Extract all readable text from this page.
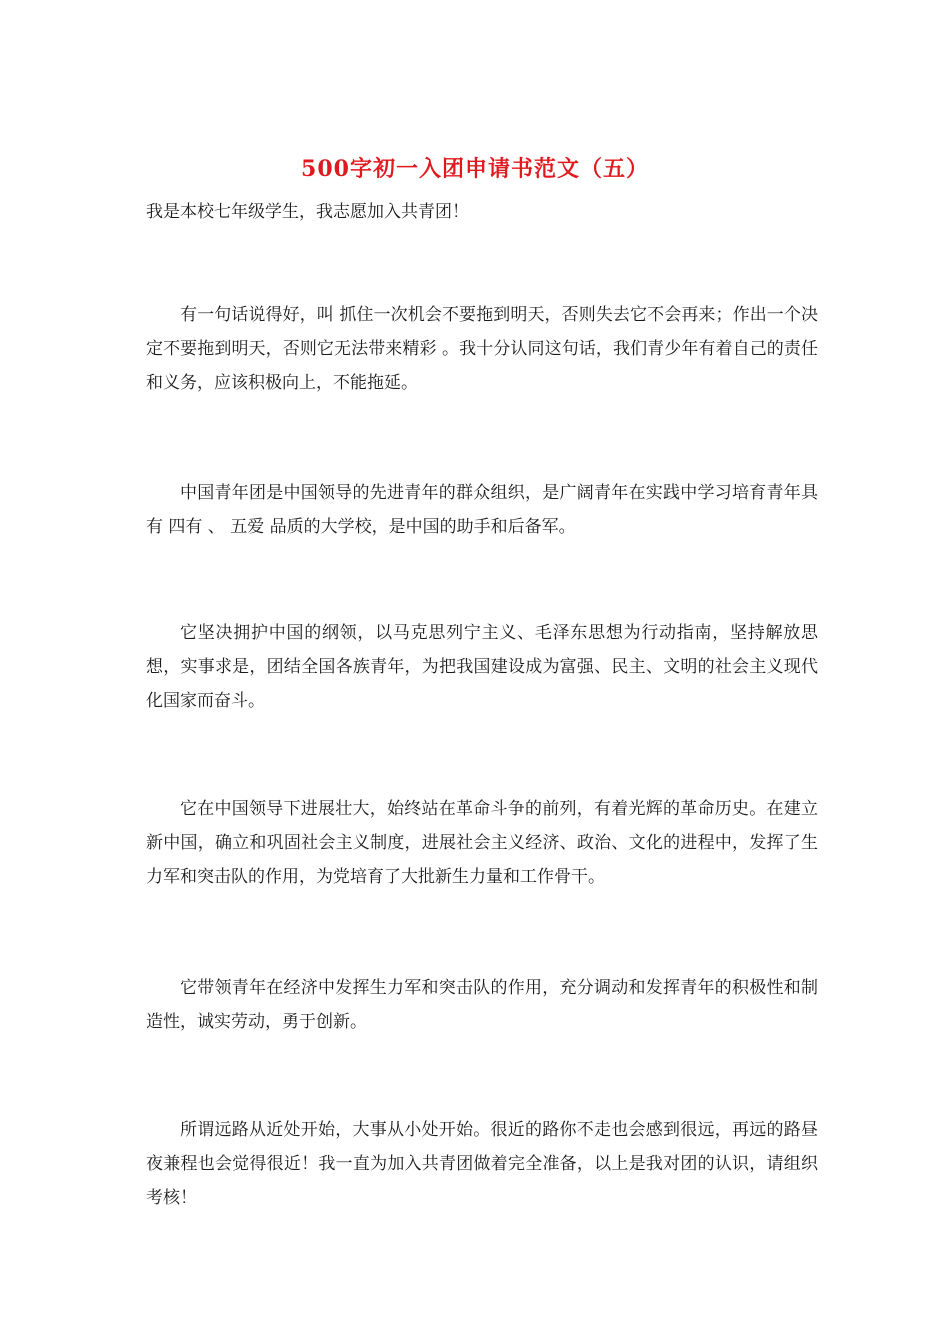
500字初一入团申请书范文（五）
我是本校七年级学生，我志愿加入共青团！
有一句话说得好，叫 抓住一次机会不要拖到明天，否则失去它不会再来；作出一个决定不要拖到明天，否则它无法带来精彩 。我十分认同这句话，我们青少年有着自己的责任和义务，应该积极向上，不能拖延。
中国青年团是中国领导的先进青年的群众组织，是广阔青年在实践中学习培育青年具有 四有 、 五爱 品质的大学校，是中国的助手和后备军。
它坚决拥护中国的纲领，以马克思列宁主义、毛泽东思想为行动指南，坚持解放思想，实事求是，团结全国各族青年，为把我国建设成为富强、民主、文明的社会主义现代化国家而奋斗。
它在中国领导下进展壮大，始终站在革命斗争的前列，有着光辉的革命历史。在建立新中国，确立和巩固社会主义制度，进展社会主义经济、政治、文化的进程中，发挥了生力军和突击队的作用，为党培育了大批新生力量和工作骨干。
它带领青年在经济中发挥生力军和突击队的作用，充分调动和发挥青年的积极性和制造性，诚实劳动，勇于创新。
所谓远路从近处开始，大事从小处开始。很近的路你不走也会感到很远，再远的路昼夜兼程也会觉得很近！我一直为加入共青团做着完全准备，以上是我对团的认识，请组织考核！
